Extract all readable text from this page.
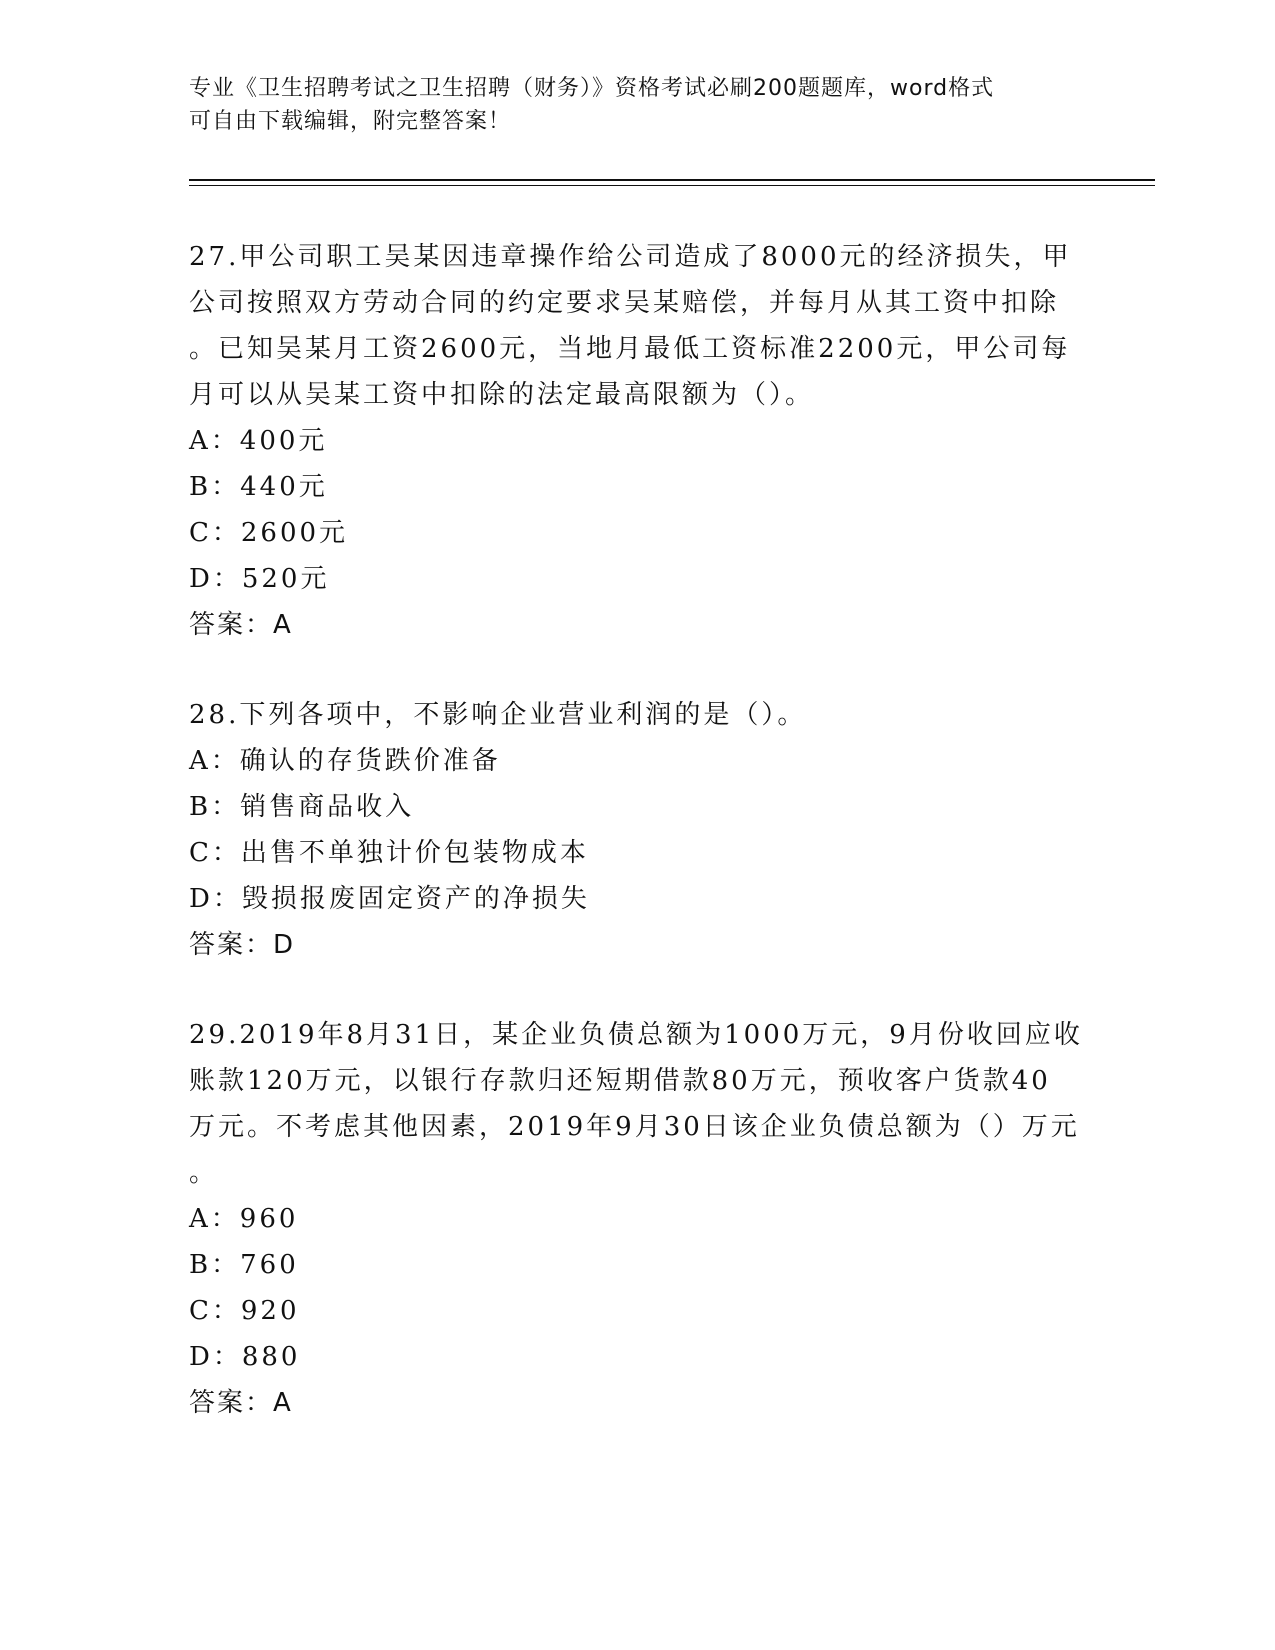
专业《卫生招聘考试之卫生招聘（财务）》资格考试必刷200题题库，word格式
可自由下载编辑，附完整答案！

27.甲公司职工吴某因违章操作给公司造成了8000元的经济损失，甲

公司按照双方劳动合同的约定要求吴某赔偿，并每月从其工资中扣除

。已知吴某月工资2600元，当地月最低工资标准2200元，甲公司每

月可以从吴某工资中扣除的法定最高限额为（）。

A：400元

B：440元

C：2600元

D：520元

答案：A

28.下列各项中，不影响企业营业利润的是（）。

A：确认的存货跌价准备

B：销售商品收入

C：出售不单独计价包装物成本

D：毁损报废固定资产的净损失

答案：D

29.2019年8月31日，某企业负债总额为1000万元，9月份收回应收

账款120万元，以银行存款归还短期借款80万元，预收客户货款40

万元。不考虑其他因素，2019年9月30日该企业负债总额为（）万元

。

A：960

B：760

C：920

D：880

答案：A
